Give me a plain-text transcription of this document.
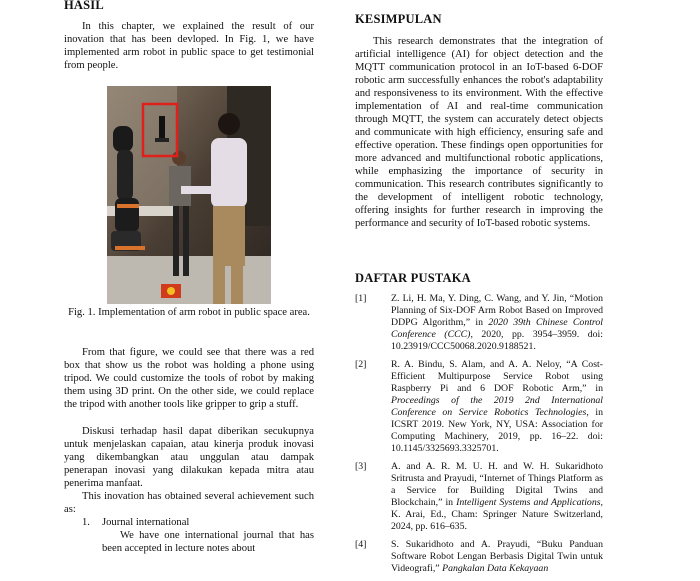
HASIL

In this chapter, we explained the result of our inovation that has been devloped. In Fig. 1, we have implemented arm robot in public space to get testimonial from people.

Fig. 1. Implementation of arm robot in public space area.

From that figure, we could see that there was a red box that show us the robot was holding a phone using tripod. We could customize the tools of robot by making them using 3D print. On the other side, we could replace the tripod with another tools like gripper to grip a stuff.

Diskusi terhadap hasil dapat diberikan secukupnya untuk menjelaskan capaian, atau kinerja produk inovasi yang dikembangkan atau unggulan atau dampak penerapan inovasi yang dilakukan kepada mitra atau penerima manfaat.

This inovation has obtained several achievement such as:

1. Journal international

We have one international journal that has been accepted in lecture notes about

KESIMPULAN

This research demonstrates that the integration of artificial intelligence (AI) for object detection and the MQTT communication protocol in an IoT-based 6-DOF robotic arm successfully enhances the robot's adaptability and responsiveness to its environment. With the effective implementation of AI and real-time communication through MQTT, the system can accurately detect objects and communicate with high efficiency, ensuring safe and effective operation. These findings open opportunities for more advanced and multifunctional robotic applications, while emphasizing the importance of security in communication. This research contributes significantly to the development of intelligent robotic technology, offering insights for further research in improving the performance and security of IoT-based robotic systems.

DAFTAR PUSTAKA
[1]	Z. Li, H. Ma, Y. Ding, C. Wang, and Y. Jin, “Motion Planning of Six-DOF Arm Robot Based on Improved DDPG Algorithm,” in 2020 39th Chinese Control Conference (CCC), 2020, pp. 3954–3959. doi: 10.23919/CCC50068.2020.9188521.
[2]	R. A. Bindu, S. Alam, and A. A. Neloy, “A Cost-Efficient Multipurpose Service Robot using Raspberry Pi and 6 DOF Robotic Arm,” in Proceedings of the 2019 2nd International Conference on Service Robotics Technologies, in ICSRT 2019. New York, NY, USA: Association for Computing Machinery, 2019, pp. 16–22. doi: 10.1145/3325693.3325701.
[3]	A. and A. R. M. U. H. and W. H. Sukaridhoto Sritrusta and Prayudi, “Internet of Things Platform as a Service for Building Digital Twins and Blockchain,” in Intelligent Systems and Applications, K. Arai, Ed., Cham: Springer Nature Switzerland, 2024, pp. 616–635.
[4]	S. Sukaridhoto and A. Prayudi, “Buku Panduan Software Robot Lengan Berbasis Digital Twin untuk Videografi,” Pangkalan Data Kekayaan
